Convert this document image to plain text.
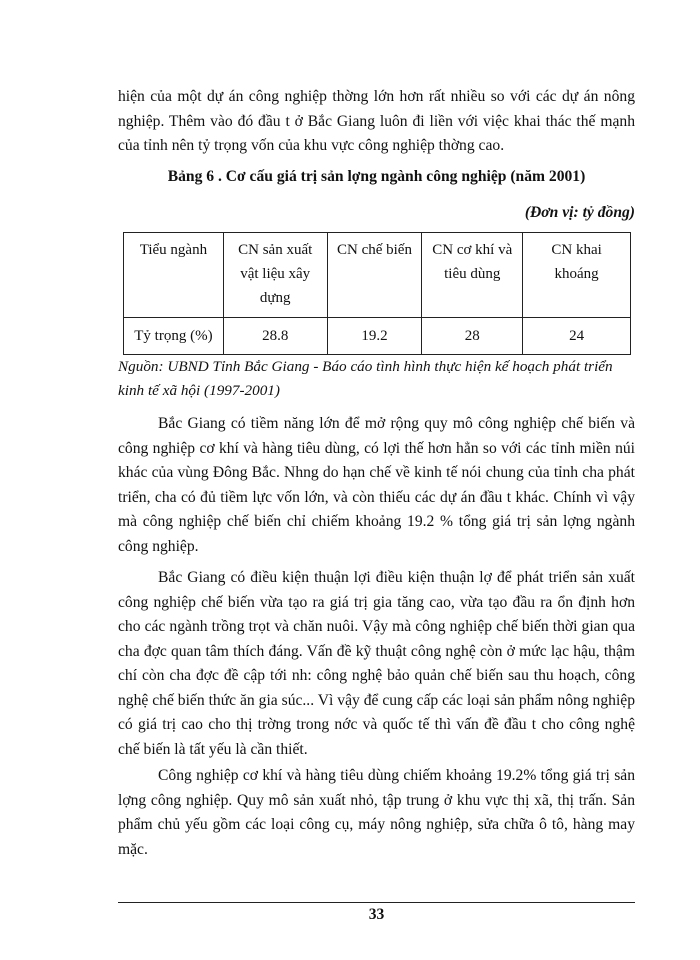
hiện của một dự án công nghiệp thờng lớn hơn rất nhiều so với các dự án nông nghiệp. Thêm vào đó đầu t ở Bắc Giang luôn đi liền với việc khai thác thế mạnh của tỉnh nên tỷ trọng vốn của khu vực công nghiệp thờng cao.

Bảng 6 . Cơ cấu giá trị sản lợng ngành công nghiệp (năm 2001)

(Đơn vị: tỷ đồng)

Tiểu ngành	CN sản xuất vật liệu xây dựng	CN chế biến	CN cơ khí và tiêu dùng	CN khai khoáng
Tỷ trọng (%)	28.8	19.2	28	24

Nguồn: UBND Tỉnh Bắc Giang - Báo cáo tình hình thực hiện kế hoạch phát triển kinh tế xã hội (1997-2001)

Bắc Giang có tiềm năng lớn để mở rộng quy mô công nghiệp chế biến và công nghiệp cơ khí và hàng tiêu dùng, có lợi thế hơn hẳn so với các tỉnh miền núi khác của vùng Đông Bắc. Nhng do hạn chế về kinh tế nói chung của tỉnh cha phát triển, cha có đủ tiềm lực vốn lớn, và còn thiếu các dự án đầu t khác. Chính vì vậy mà công nghiệp chế biến chỉ chiếm khoảng 19.2 % tổng giá trị sản lợng ngành công nghiệp.

Bắc Giang có điều kiện thuận lợi điều kiện thuận lợ để phát triển sản xuất công nghiệp chế biến vừa tạo ra giá trị gia tăng cao, vừa tạo đầu ra ổn định hơn cho các ngành trồng trọt và chăn nuôi. Vậy mà công nghiệp chế biến thời gian qua cha đợc quan tâm thích đáng. Vấn đề kỹ thuật công nghệ còn ở mức lạc hậu, thậm chí còn cha đợc đề cập tới nh: công nghệ bảo quản chế biến sau thu hoạch, công nghệ chế biến thức ăn gia súc... Vì vậy để cung cấp các loại sản phẩm nông nghiệp có giá trị cao cho thị trờng trong nớc và quốc tế thì vấn đề đầu t cho công nghệ chế biến là tất yếu là cần thiết.

Công nghiệp cơ khí và hàng tiêu dùng chiếm khoảng 19.2% tổng giá trị sản lợng công nghiệp. Quy mô sản xuất nhỏ, tập trung ở khu vực thị xã, thị trấn. Sản phẩm chủ yếu gồm các loại công cụ, máy nông nghiệp, sửa chữa ô tô, hàng may mặc.

33
